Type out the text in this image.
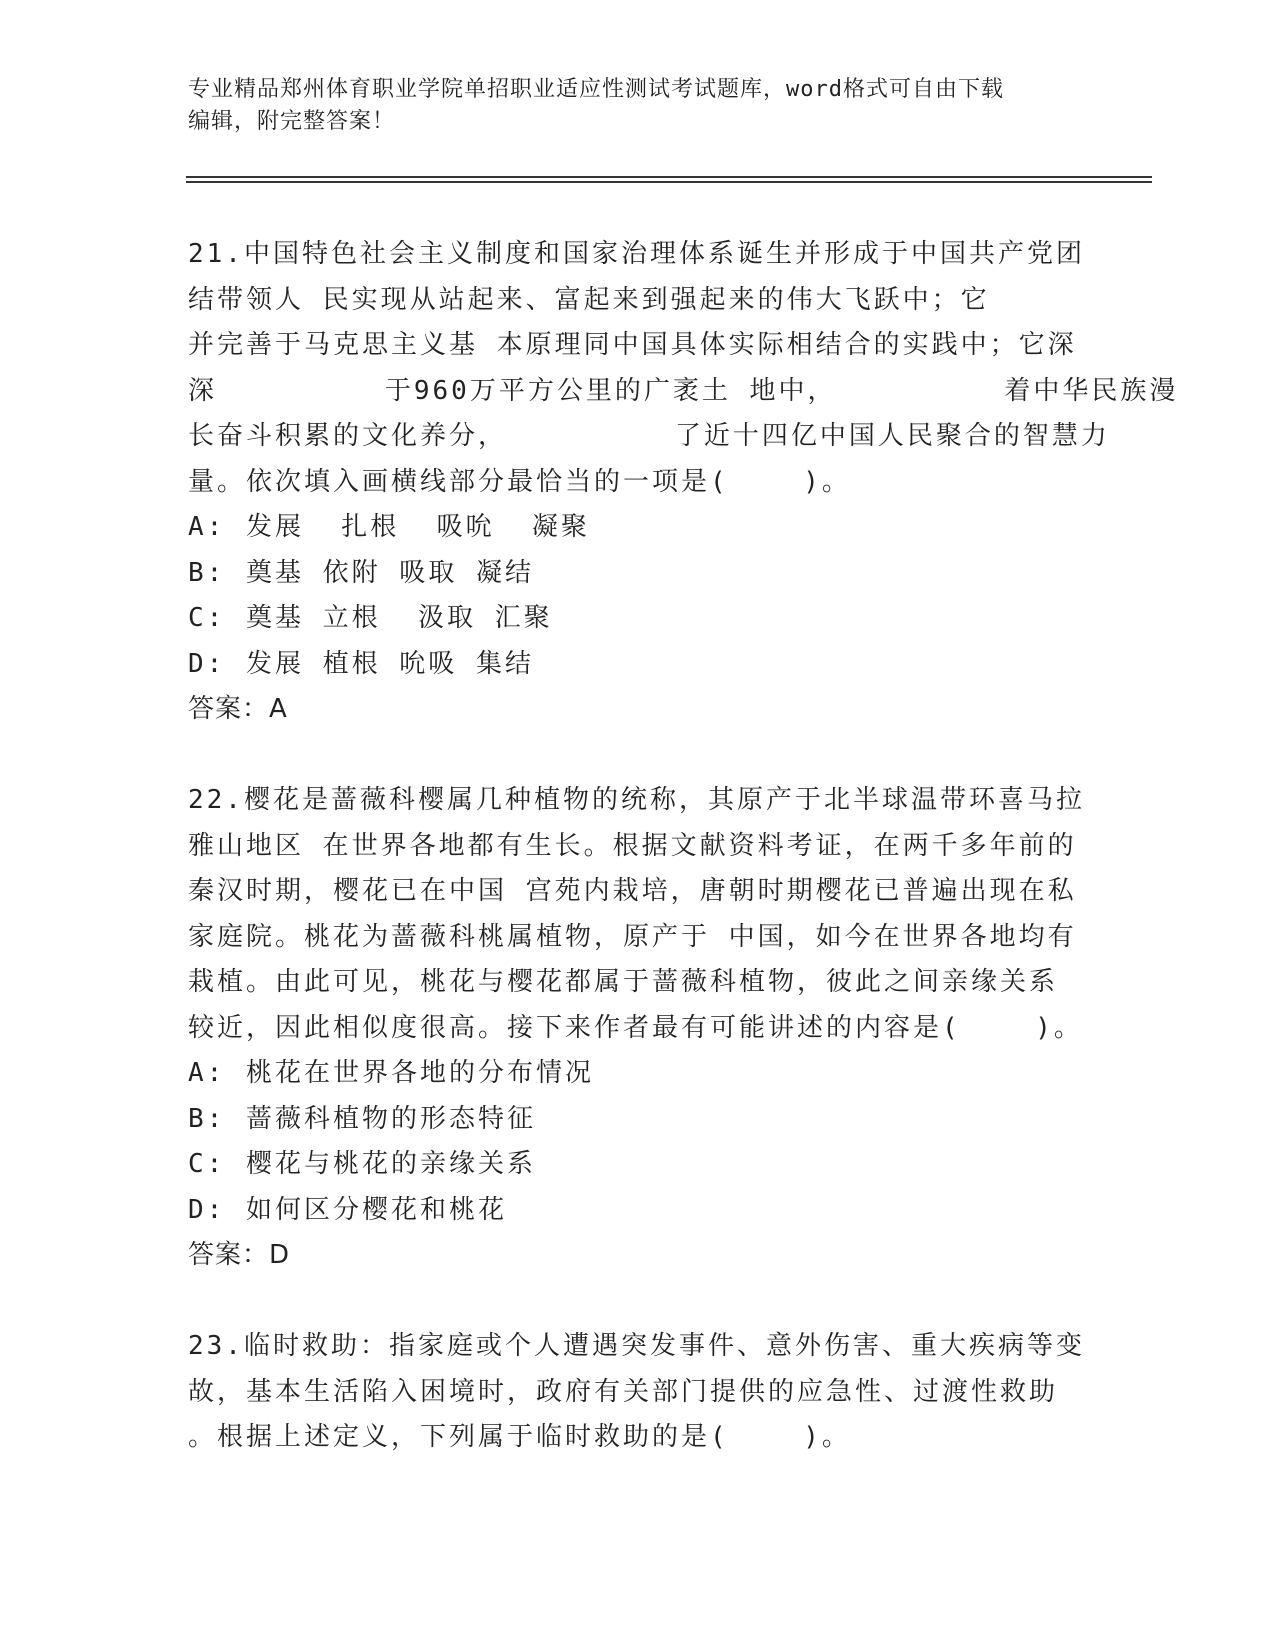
专业精品郑州体育职业学院单招职业适应性测试考试题库，word格式可自由下载
编辑，附完整答案！
21.中国特色社会主义制度和国家治理体系诞生并形成于中国共产党团
结带领人 民实现从站起来、富起来到强起来的伟大飞跃中；它
并完善于马克思主义基 本原理同中国具体实际相结合的实践中；它深
深         于960万平方公里的广袤土 地中，         着中华民族漫
长奋斗积累的文化养分，         了近十四亿中国人民聚合的智慧力
量。依次填入画横线部分最恰当的一项是(    )。
A: 发展  扎根  吸吮  凝聚
B: 奠基 依附 吸取 凝结
C: 奠基 立根  汲取 汇聚
D: 发展 植根 吮吸 集结
答案：A
22.樱花是蔷薇科樱属几种植物的统称，其原产于北半球温带环喜马拉
雅山地区 在世界各地都有生长。根据文献资料考证，在两千多年前的
秦汉时期，樱花已在中国 宫苑内栽培，唐朝时期樱花已普遍出现在私
家庭院。桃花为蔷薇科桃属植物，原产于 中国，如今在世界各地均有
栽植。由此可见，桃花与樱花都属于蔷薇科植物，彼此之间亲缘关系
较近，因此相似度很高。接下来作者最有可能讲述的内容是(    )。
A: 桃花在世界各地的分布情况
B: 蔷薇科植物的形态特征
C: 樱花与桃花的亲缘关系
D: 如何区分樱花和桃花
答案：D
23.临时救助：指家庭或个人遭遇突发事件、意外伤害、重大疾病等变
故，基本生活陷入困境时，政府有关部门提供的应急性、过渡性救助
。根据上述定义，下列属于临时救助的是(    )。
